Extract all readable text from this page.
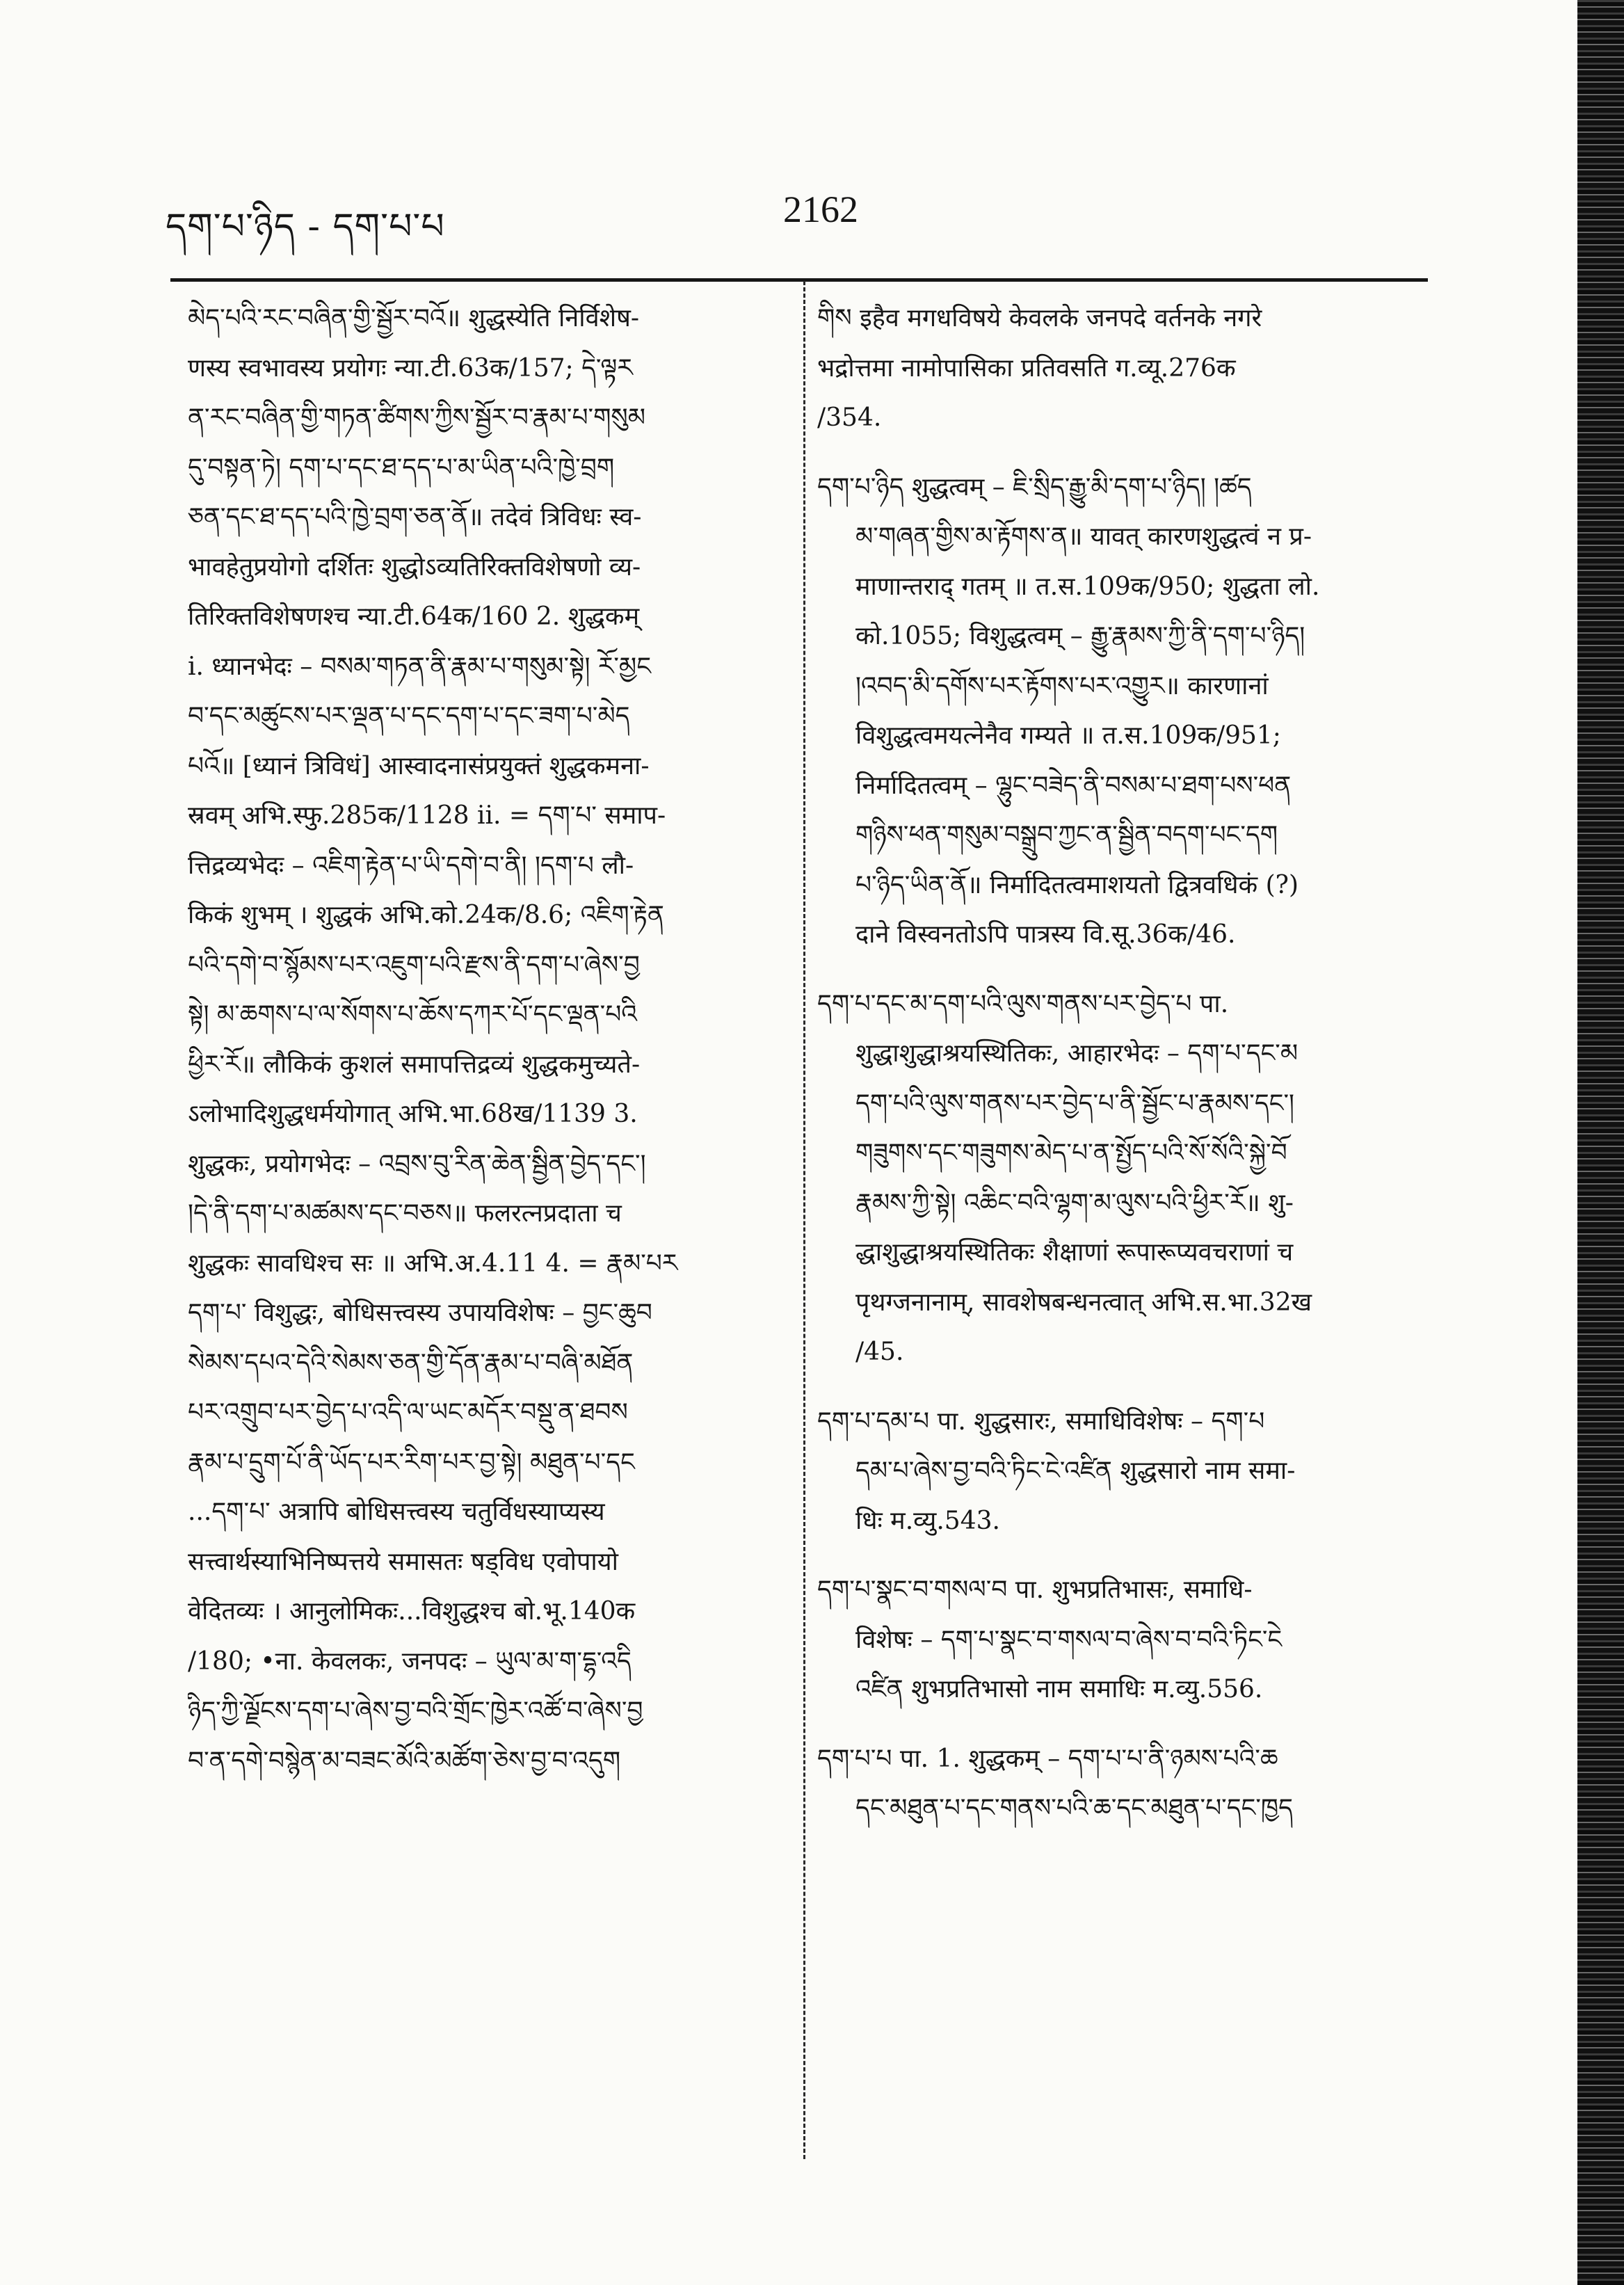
དག་པ་ཉིད - དག་པ་པ	2162
མེད་པའི་རང་བཞིན་གྱི་སྦྱོར་བའོ॥ शुद्धस्येति निर्विशेष-
णस्य स्वभावस्य प्रयोगः न्या.टी.63क/157; དེ་ལྟར
ན་རང་བཞིན་གྱི་གཏན་ཚིགས་ཀྱིས་སྦྱོར་བ་རྣམ་པ་གསུམ
དུ་བསྟན་ཏེ། དག་པ་དང་ཐ་དད་པ་མ་ཡིན་པའི་ཁྱེ་བྲག
ཅན་དང་ཐ་དད་པའི་ཁྱེ་བྲག་ཅན་ནོ॥ तदेवं त्रिविधः स्व-
भावहेतुप्रयोगो दर्शितः शुद्धोऽव्यतिरिक्तविशेषणो व्य-
तिरिक्तविशेषणश्च न्या.टी.64क/160 2. शुद्धकम्
i. ध्यानभेदः – བསམ་གཏན་ནི་རྣམ་པ་གསུམ་སྟེ། རོ་མྱང
བ་དང་མཚུངས་པར་ལྡན་པ་དང་དག་པ་དང་ཟག་པ་མེད
པའོ॥ [ध्यानं त्रिविधं] आस्वादनासंप्रयुक्तं शुद्धकमना-
स्रवम् अभि.स्फु.285क/1128 ii. = དག་པ་ समाप-
त्तिद्रव्यभेदः – འཇིག་རྟེན་པ་ཡི་དགེ་བ་ནི། །དག་པ लौ-
किकं शुभम् । शुद्धकं अभि.को.24क/8.6; འཇིག་རྟེན
པའི་དགེ་བ་སྙོམས་པར་འཇུག་པའི་རྫས་ནི་དག་པ་ཞེས་བྱ
སྟེ། མ་ཆགས་པ་ལ་སོགས་པ་ཆོས་དཀར་པོ་དང་ལྡན་པའི
ཕྱིར་རོ॥ लौकिकं कुशलं समापत्तिद्रव्यं शुद्धकमुच्यते-
ऽलोभादिशुद्धधर्मयोगात् अभि.भा.68ख/1139 3.
शुद्धकः, प्रयोगभेदः – འབྲས་བུ་རིན་ཆེན་སྦྱིན་བྱེད་དང་།
།དེ་ནི་དག་པ་མཚམས་དང་བཅས॥ फलरत्नप्रदाता च
शुद्धकः सावधिश्च सः ॥ अभि.अ.4.11 4. = རྣམ་པར
དག་པ་ विशुद्धः, बोधिसत्त्वस्य उपायविशेषः – བྱང་ཆུབ
སེམས་དཔའ་དེའི་སེམས་ཅན་གྱི་དོན་རྣམ་པ་བཞི་མཐོན
པར་འགྲུབ་པར་བྱེད་པ་འདི་ལ་ཡང་མདོར་བསྡུ་ན་ཐབས
རྣམ་པ་དྲུག་པོ་ནི་ཡོད་པར་རིག་པར་བྱ་སྟེ། མཐུན་པ་དང
...དག་པ་ अत्रापि बोधिसत्त्वस्य चतुर्विधस्याप्यस्य
सत्त्वार्थस्याभिनिष्पत्तये समासतः षड्विध एवोपायो
वेदितव्यः । आनुलोमिकः...विशुद्धश्च बो.भू.140क
/180; •ना. केवलकः, जनपदः – ཡུལ་མ་ག་དྷ་འདི
ཉིད་ཀྱི་ལྗོངས་དག་པ་ཞེས་བྱ་བའི་གྲོང་ཁྱེར་འཚོ་བ་ཞེས་བྱ
བ་ན་དགེ་བསྙེན་མ་བཟང་མོའི་མཚོག་ཅེས་བྱ་བ་འདུག
གིས इहैव मगधविषये केवलके जनपदे वर्तनके नगरे
भद्रोत्तमा नामोपासिका प्रतिवसति ग.व्यू.276क
/354.
དག་པ་ཉིད शुद्धत्वम् – ཇི་སྲིད་རྒྱུ་མི་དག་པ་ཉིད། །ཚད
མ་གཞན་གྱིས་མ་རྟོགས་ན॥ यावत् कारणशुद्धत्वं न प्र-
माणान्तराद् गतम् ॥ त.स.109क/950; शुद्धता लो.
को.1055; विशुद्धत्वम् – རྒྱུ་རྣམས་ཀྱི་ནི་དག་པ་ཉིད།
།འབད་མི་དགོས་པར་རྟོགས་པར་འགྱུར॥ कारणानां
विशुद्धत्वमयत्नेनैव गम्यते ॥ त.स.109क/951;
निर्मादितत्वम् – ལྷུང་བཟེད་ནི་བསམ་པ་ཐག་པས་ཕན
གཉིས་ཕན་གསུམ་བསྒྲུབ་ཀྱང་ན་སྦྱིན་བདག་པང་དག
པ་ཉིད་ཡིན་ནོ॥ निर्मादितत्वमाशयतो द्वित्रवधिकं (?)
दाने विस्वनतोऽपि पात्रस्य वि.सू.36क/46.
དག་པ་དང་མ་དག་པའི་ལུས་གནས་པར་བྱེད་པ पा.
शुद्धाशुद्धाश्रयस्थितिकः, आहारभेदः – དག་པ་དང་མ
དག་པའི་ལུས་གནས་པར་བྱེད་པ་ནི་སྦྱོང་པ་རྣམས་དང་།
གཟུགས་དང་གཟུགས་མེད་པ་ན་སྤྱོད་པའི་སོ་སོའི་སྐྱེ་བོ
རྣམས་ཀྱི་སྟེ། འཆིང་བའི་ལྷག་མ་ལུས་པའི་ཕྱིར་རོ॥ शु-
द्धाशुद्धाश्रयस्थितिकः शैक्षाणां रूपारूप्यवचराणां च
पृथग्जनानाम्, सावशेषबन्धनत्वात् अभि.स.भा.32ख
/45.
དག་པ་དམ་པ पा. शुद्धसारः, समाधिविशेषः – དག་པ
དམ་པ་ཞེས་བྱ་བའི་ཏིང་ངེ་འཛིན शुद्धसारो नाम समा-
धिः म.व्यु.543.
དག་པ་སྣང་བ་གསལ་བ पा. शुभप्रतिभासः, समाधि-
विशेषः – དག་པ་སྣང་བ་གསལ་བ་ཞེས་བ་བའི་ཏིང་ངེ
འཛིན शुभप्रतिभासो नाम समाधिः म.व्यु.556.
དག་པ་པ पा. 1. शुद्धकम् – དག་པ་པ་ནི་ཉམས་པའི་ཆ
དང་མཐུན་པ་དང་གནས་པའི་ཆ་དང་མཐུན་པ་དང་ཁྱད
